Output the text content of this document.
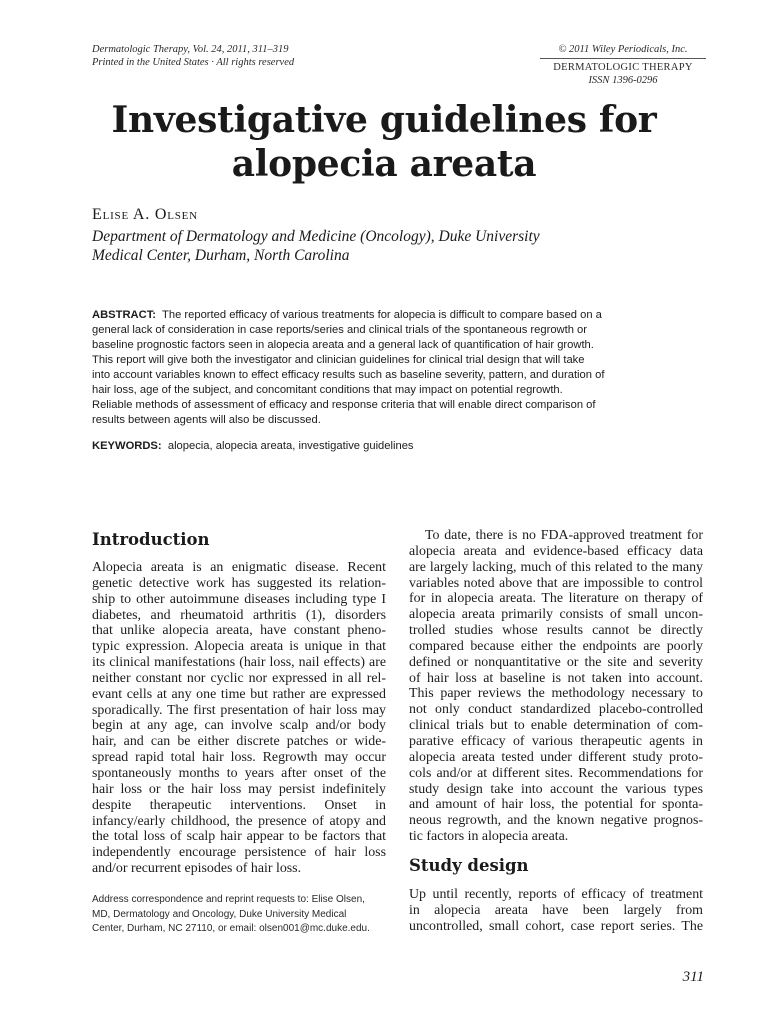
Dermatologic Therapy, Vol. 24, 2011, 311–319
Printed in the United States · All rights reserved
© 2011 Wiley Periodicals, Inc.
DERMATOLOGIC THERAPY
ISSN 1396-0296
Investigative guidelines for
alopecia areata
Elise A. Olsen
Department of Dermatology and Medicine (Oncology), Duke University
Medical Center, Durham, North Carolina
ABSTRACT: The reported efficacy of various treatments for alopecia is difficult to compare based on a
general lack of consideration in case reports/series and clinical trials of the spontaneous regrowth or
baseline prognostic factors seen in alopecia areata and a general lack of quantification of hair growth.
This report will give both the investigator and clinician guidelines for clinical trial design that will take
into account variables known to effect efficacy results such as baseline severity, pattern, and duration of
hair loss, age of the subject, and concomitant conditions that may impact on potential regrowth.
Reliable methods of assessment of efficacy and response criteria that will enable direct comparison of
results between agents will also be discussed.
KEYWORDS: alopecia, alopecia areata, investigative guidelines
Introduction
Alopecia areata is an enigmatic disease. Recent
genetic detective work has suggested its relation-
ship to other autoimmune diseases including type I
diabetes, and rheumatoid arthritis (1), disorders
that unlike alopecia areata, have constant pheno-
typic expression. Alopecia areata is unique in that
its clinical manifestations (hair loss, nail effects) are
neither constant nor cyclic nor expressed in all rel-
evant cells at any one time but rather are expressed
sporadically. The first presentation of hair loss may
begin at any age, can involve scalp and/or body
hair, and can be either discrete patches or wide-
spread rapid total hair loss. Regrowth may occur
spontaneously months to years after onset of the
hair loss or the hair loss may persist indefinitely
despite therapeutic interventions. Onset in
infancy/early childhood, the presence of atopy and
the total loss of scalp hair appear to be factors that
independently encourage persistence of hair loss
and/or recurrent episodes of hair loss.
Address correspondence and reprint requests to: Elise Olsen,
MD, Dermatology and Oncology, Duke University Medical
Center, Durham, NC 27110, or email: olsen001@mc.duke.edu.
To date, there is no FDA-approved treatment for
alopecia areata and evidence-based efficacy data
are largely lacking, much of this related to the many
variables noted above that are impossible to control
for in alopecia areata. The literature on therapy of
alopecia areata primarily consists of small uncon-
trolled studies whose results cannot be directly
compared because either the endpoints are poorly
defined or nonquantitative or the site and severity
of hair loss at baseline is not taken into account.
This paper reviews the methodology necessary to
not only conduct standardized placebo-controlled
clinical trials but to enable determination of com-
parative efficacy of various therapeutic agents in
alopecia areata tested under different study proto-
cols and/or at different sites. Recommendations for
study design take into account the various types
and amount of hair loss, the potential for sponta-
neous regrowth, and the known negative prognos-
tic factors in alopecia areata.
Study design
Up until recently, reports of efficacy of treatment
in alopecia areata have been largely from
uncontrolled, small cohort, case report series. The
311
